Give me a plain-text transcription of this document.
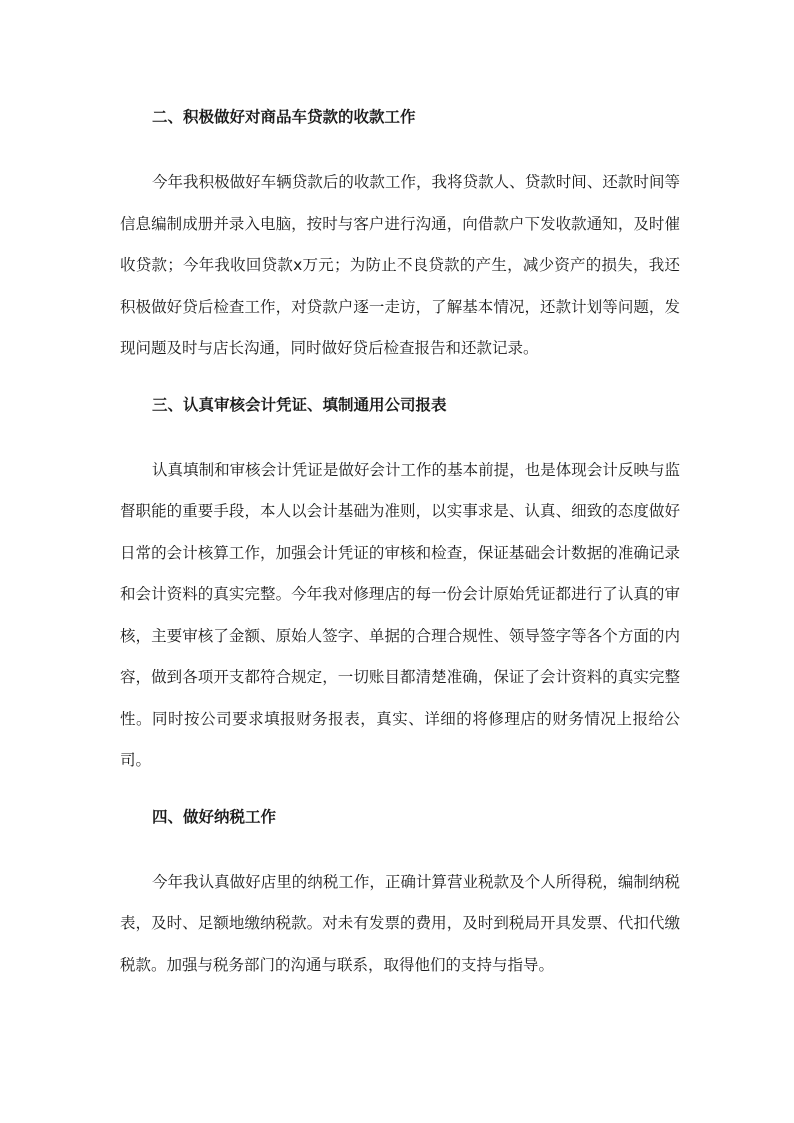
二、积极做好对商品车贷款的收款工作

今年我积极做好车辆贷款后的收款工作，我将贷款人、贷款时间、还款时间等信息编制成册并录入电脑，按时与客户进行沟通，向借款户下发收款通知，及时催收贷款；今年我收回贷款x万元；为防止不良贷款的产生，减少资产的损失，我还积极做好贷后检查工作，对贷款户逐一走访，了解基本情况，还款计划等问题，发现问题及时与店长沟通，同时做好贷后检查报告和还款记录。

三、认真审核会计凭证、填制通用公司报表

认真填制和审核会计凭证是做好会计工作的基本前提，也是体现会计反映与监督职能的重要手段，本人以会计基础为准则，以实事求是、认真、细致的态度做好日常的会计核算工作，加强会计凭证的审核和检查，保证基础会计数据的准确记录和会计资料的真实完整。今年我对修理店的每一份会计原始凭证都进行了认真的审核，主要审核了金额、原始人签字、单据的合理合规性、领导签字等各个方面的内容，做到各项开支都符合规定，一切账目都清楚准确，保证了会计资料的真实完整性。同时按公司要求填报财务报表，真实、详细的将修理店的财务情况上报给公司。

四、做好纳税工作

今年我认真做好店里的纳税工作，正确计算营业税款及个人所得税，编制纳税表，及时、足额地缴纳税款。对未有发票的费用，及时到税局开具发票、代扣代缴税款。加强与税务部门的沟通与联系，取得他们的支持与指导。
